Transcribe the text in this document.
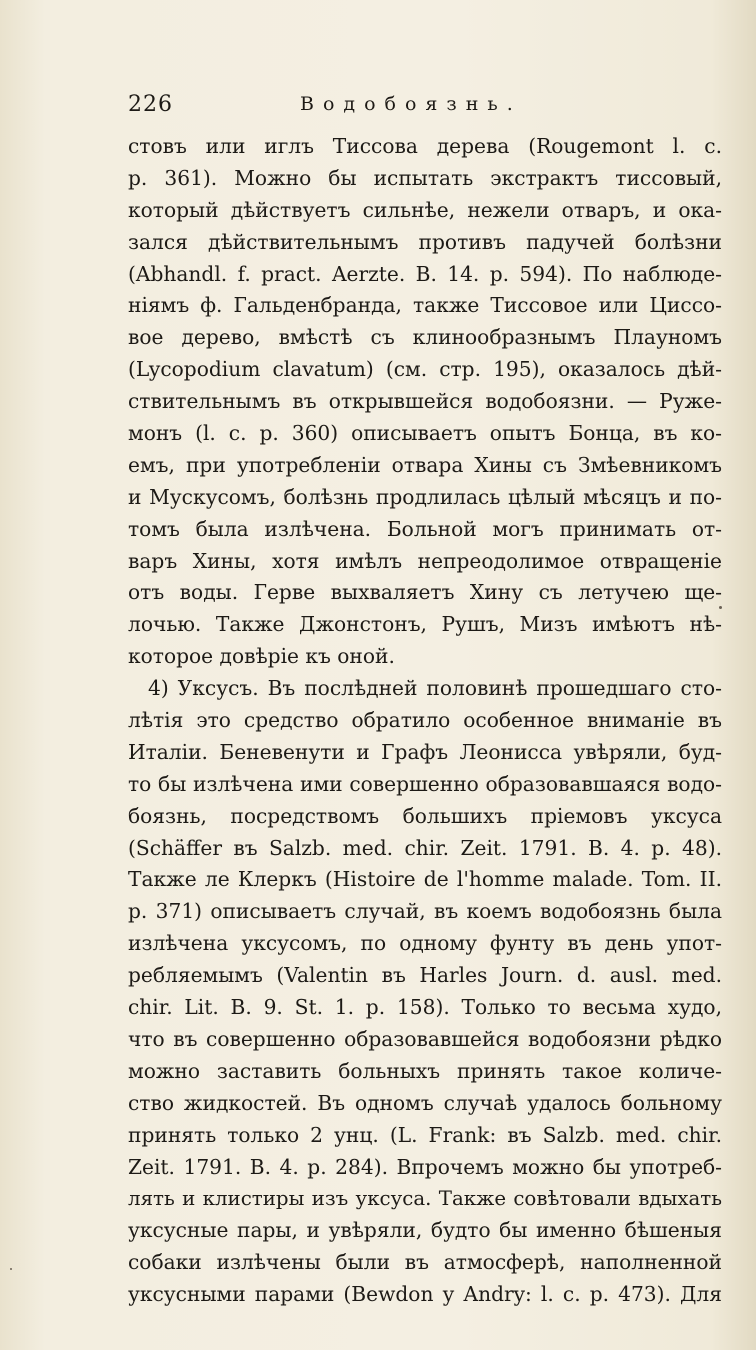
226	Водобоязнь.
стовъ или иглъ Тиссова дерева (Rougemont l. c.
p. 361). Можно бы испытать экстрактъ тиссовый,
который дѣйствуетъ сильнѣе, нежели отваръ, и ока-
зался дѣйствительнымъ противъ падучей болѣзни
(Abhandl. f. pract. Aerzte. B. 14. p. 594). По наблюде-
ніямъ ф. Гальденбранда, также Тиссовое или Циссо-
вое дерево, вмѣстѣ съ клинообразнымъ Плауномъ
(Lycopodium clavatum) (см. стр. 195), оказалось дѣй-
ствительнымъ въ открывшейся водобоязни. — Руже-
монъ (l. c. p. 360) описываетъ опытъ Бонца, въ ко-
емъ, при употребленіи отвара Хины съ Змѣевникомъ
и Мускусомъ, болѣзнь продлилась цѣлый мѣсяцъ и по-
томъ была излѣчена. Больной могъ принимать от-
варъ Хины, хотя имѣлъ непреодолимое отвращеніе
отъ воды. Герве выхваляетъ Хину съ летучею ще-
лочью. Также Джонстонъ, Рушъ, Мизъ имѣютъ нѣ-
которое довѣріе къ оной.
4) Уксусъ. Въ послѣдней половинѣ прошедшаго сто-
лѣтія это средство обратило особенное вниманіе въ
Италіи. Беневенути и Графъ Леонисса увѣряли, буд-
то бы излѣчена ими совершенно образовавшаяся водо-
боязнь, посредствомъ большихъ пріемовъ уксуса
(Schäffer въ Salzb. med. chir. Zeit. 1791. B. 4. p. 48).
Также ле Клеркъ (Histoire de l'homme malade. Tom. II.
p. 371) описываетъ случай, въ коемъ водобоязнь была
излѣчена уксусомъ, по одному фунту въ день упот-
ребляемымъ (Valentin въ Harles Journ. d. ausl. med.
chir. Lit. B. 9. St. 1. p. 158). Только то весьма худо,
что въ совершенно образовавшейся водобоязни рѣдко
можно заставить больныхъ принять такое количе-
ство жидкостей. Въ одномъ случаѣ удалось больному
принять только 2 унц. (L. Frank: въ Salzb. med. chir.
Zeit. 1791. B. 4. p. 284). Впрочемъ можно бы употреб-
лять и клистиры изъ уксуса. Также совѣтовали вдыхать
уксусные пары, и увѣряли, будто бы именно бѣшеныя
собаки излѣчены были въ атмосферѣ, наполненной
уксусными парами (Bewdon у Andry: l. c. p. 473). Для
